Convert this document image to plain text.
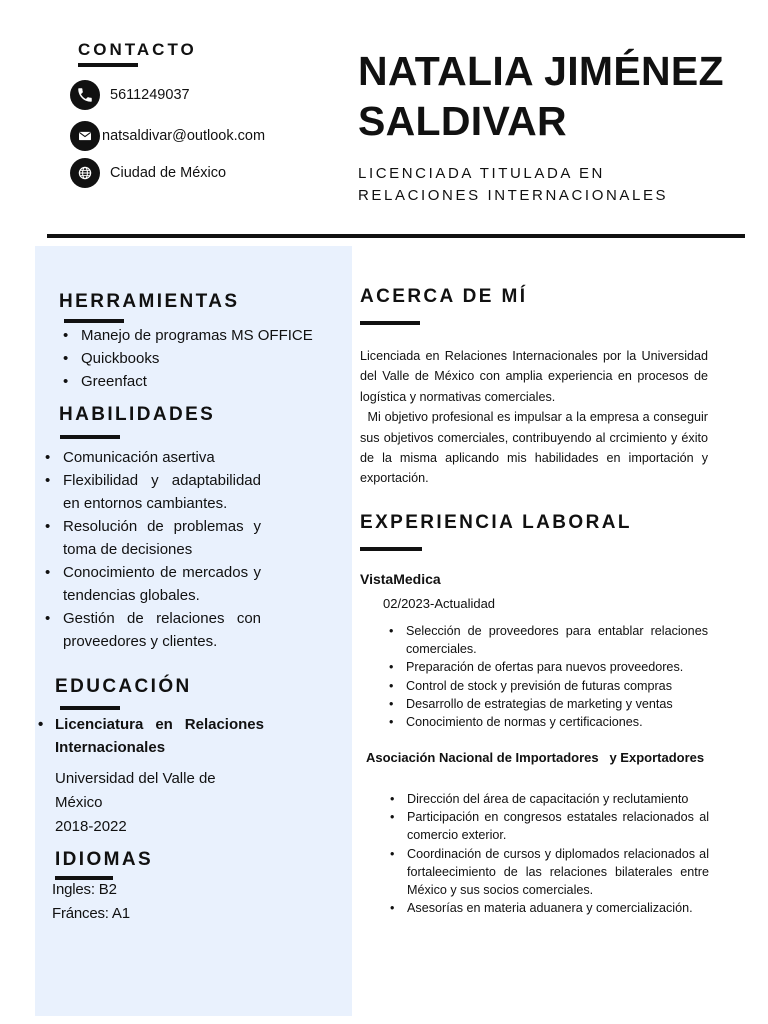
CONTACTO
5611249037
natsaldivar@outlook.com
Ciudad de México
NATALIA JIMÉNEZ
SALDIVAR
LICENCIADA TITULADA EN
RELACIONES INTERNACIONALES
HERRAMIENTAS
• Manejo de programas MS OFFICE
• Quickbooks
• Greenfact
HABILIDADES
• Comunicación asertiva
• Flexibilidad y adaptabilidad en entornos cambiantes.
• Resolución de problemas y toma de decisiones
• Conocimiento de mercados y tendencias globales.
• Gestión de relaciones con proveedores y clientes.
EDUCACIÓN
• Licenciatura en Relaciones Internacionales
Universidad del Valle de
México
2018-2022
IDIOMAS
Ingles: B2
Fránces: A1
ACERCA DE MÍ

Licenciada en Relaciones Internacionales por la Universidad del Valle de México con amplia experiencia en procesos de logística y normativas comerciales.

Mi objetivo profesional es impulsar a la empresa a conseguir sus objetivos comerciales, contribuyendo al crcimiento y éxito de la misma aplicando mis habilidades en importación y exportación.

EXPERIENCIA LABORAL
VistaMedica
02/2023-Actualidad
• Selección de proveedores para entablar relaciones comerciales.
• Preparación de ofertas para nuevos proveedores.
• Control de stock y previsión de futuras compras
• Desarrollo de estrategias de marketing y ventas
• Conocimiento de normas y certificaciones.
Asociación Nacional de Importadores   y Exportadores
• Dirección del área de capacitación y reclutamiento
• Participación en congresos estatales relacionados al comercio exterior.
• Coordinación de cursos y diplomados relacionados al fortaleecimiento de las relaciones bilaterales entre México y sus socios comerciales.
• Asesorías en materia aduanera y comercialización.
